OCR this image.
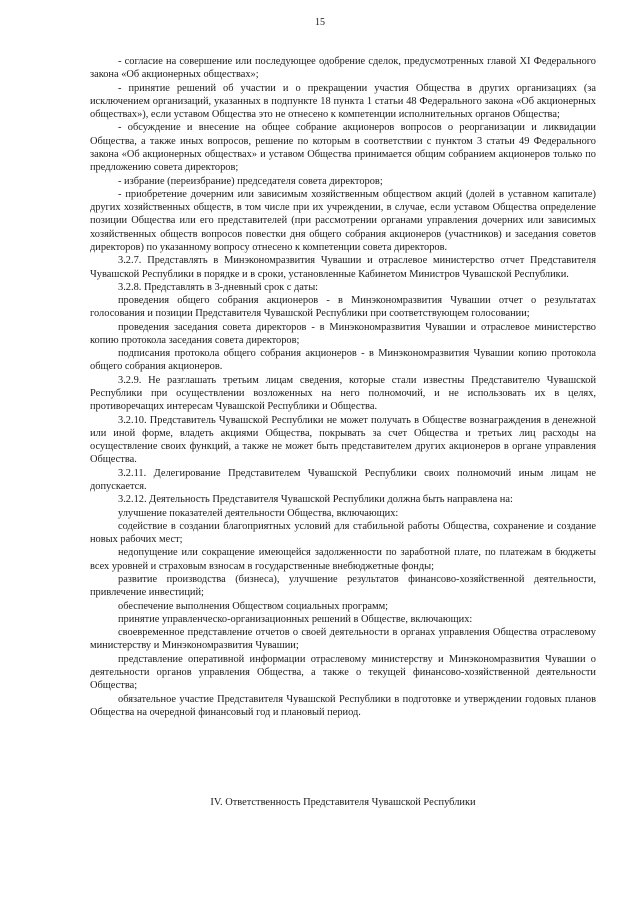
15

- согласие на совершение или последующее одобрение сделок, предусмотренных главой XI Федерального закона «Об акционерных обществах»;

- принятие решений об участии и о прекращении участия Общества в других организациях (за исключением организаций, указанных в подпункте 18 пункта 1 статьи 48 Федерального закона «Об акционерных обществах»), если уставом Общества это не отнесено к компетенции исполнительных органов Общества;

- обсуждение и внесение на общее собрание акционеров вопросов о реорганизации и ликвидации Общества, а также иных вопросов, решение по которым в соответствии с пунктом 3 статьи 49 Федерального закона «Об акционерных обществах» и уставом Общества принимается общим собранием акционеров только по предложению совета директоров;

- избрание (переизбрание) председателя совета директоров;

- приобретение дочерним или зависимым хозяйственным обществом акций (долей в уставном капитале) других хозяйственных обществ, в том числе при их учреждении, в случае, если уставом Общества определение позиции Общества или его представителей (при рассмотрении органами управления дочерних или зависимых хозяйственных обществ вопросов повестки дня общего собрания акционеров (участников) и заседания советов директоров) по указанному вопросу отнесено к компетенции совета директоров.

3.2.7. Представлять в Минэкономразвития Чувашии и отраслевое министерство отчет Представителя Чувашской Республики в порядке и в сроки, установленные Кабинетом Министров Чувашской Республики.

3.2.8. Представлять в 3-дневный срок с даты:

проведения общего собрания акционеров - в Минэкономразвития Чувашии отчет о результатах голосования и позиции Представителя Чувашской Республики при соответствующем голосовании;

проведения заседания совета директоров - в Минэкономразвития Чувашии и отраслевое министерство копию протокола заседания совета директоров;

подписания протокола общего собрания акционеров - в Минэкономразвития Чувашии копию протокола общего собрания акционеров.

3.2.9. Не разглашать третьим лицам сведения, которые стали известны Представителю Чувашской Республики при осуществлении возложенных на него полномочий, и не использовать их в целях, противоречащих интересам Чувашской Республики и Общества.

3.2.10. Представитель Чувашской Республики не может получать в Обществе вознаграждения в денежной или иной форме, владеть акциями Общества, покрывать за счет Общества и третьих лиц расходы на осуществление своих функций, а также не может быть представителем других акционеров в органе управления Общества.

3.2.11. Делегирование Представителем Чувашской Республики своих полномочий иным лицам не допускается.

3.2.12. Деятельность Представителя Чувашской Республики должна быть направлена на:

улучшение показателей деятельности Общества, включающих:

содействие в создании благоприятных условий для стабильной работы Общества, сохранение и создание новых рабочих мест;

недопущение или сокращение имеющейся задолженности по заработной плате, по платежам в бюджеты всех уровней и страховым взносам в государственные внебюджетные фонды;

развитие производства (бизнеса), улучшение результатов финансово-хозяйственной деятельности, привлечение инвестиций;

обеспечение выполнения Обществом социальных программ;

принятие управленческо-организационных решений в Обществе, включающих:

своевременное представление отчетов о своей деятельности в органах управления Общества отраслевому министерству и Минэкономразвития Чувашии;

представление оперативной информации отраслевому министерству и Минэкономразвития Чувашии о деятельности органов управления Общества, а также о текущей финансово-хозяйственной деятельности Общества;

обязательное участие Представителя Чувашской Республики в подготовке и утверждении годовых планов Общества на очередной финансовый год и плановый период.

IV. Ответственность Представителя Чувашской Республики
